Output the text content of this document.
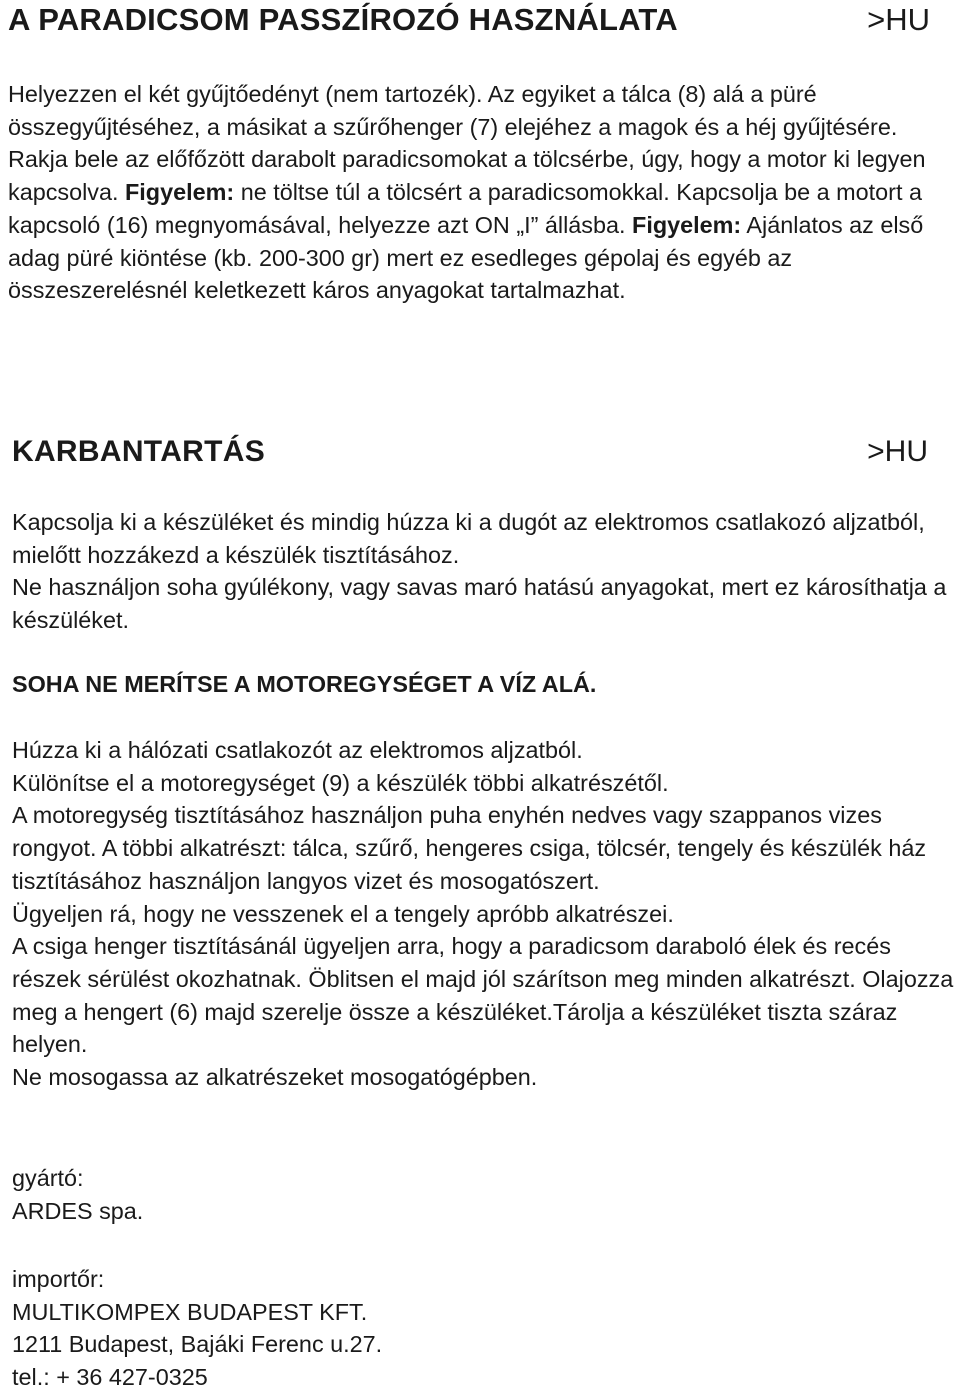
A PARADICSOM PASSZÍROZÓ HASZNÁLATA	>HU

Helyezzen el két gyűjtőedényt (nem tartozék). Az egyiket a tálca (8) alá a püré összegyűjtéséhez, a másikat a szűrőhenger (7) elejéhez a magok és a héj gyűjtésére. Rakja bele az előfőzött darabolt paradicsomokat a tölcsérbe, úgy, hogy a motor ki legyen kapcsolva. Figyelem: ne töltse túl a tölcsért a paradicsomokkal. Kapcsolja be a motort a kapcsoló (16) megnyomásával, helyezze azt ON „I” állásba. Figyelem: Ajánlatos az első adag püré kiöntése (kb. 200-300 gr) mert ez esedleges gépolaj és egyéb az összeszerelésnél keletkezett káros anyagokat tartalmazhat.

KARBANTARTÁS	>HU
Kapcsolja ki a készüléket és mindig húzza ki a dugót az elektromos csatlakozó aljzatból, mielőtt hozzákezd a készülék tisztításához.
Ne használjon soha gyúlékony, vagy savas maró hatású anyagokat, mert ez károsíthatja a készüléket.

SOHA NE MERÍTSE A MOTOREGYSÉGET A VÍZ ALÁ.

Húzza ki a hálózati csatlakozót az elektromos aljzatból.
Különítse el a motoregységet (9) a készülék többi alkatrészétől.
A motoregység tisztításához használjon puha enyhén nedves vagy szappanos vizes rongyot. A többi alkatrészt: tálca, szűrő, hengeres csiga, tölcsér, tengely és készülék ház tisztításához használjon langyos vizet és mosogatószert.
Ügyeljen rá, hogy ne vesszenek el a tengely apróbb alkatrészei.
A csiga henger tisztításánál ügyeljen arra, hogy a paradicsom daraboló élek és recés részek sérülést okozhatnak. Öblitsen el majd jól szárítson meg minden alkatrészt. Olajozza meg a hengert (6) majd szerelje össze a készüléket.Tárolja a készüléket tiszta száraz helyen.
Ne mosogassa az alkatrészeket mosogatógépben.
gyártó:
ARDES spa.
importőr:
MULTIKOMPEX BUDAPEST KFT.
1211 Budapest, Bajáki Ferenc u.27.
tel.: + 36 427-0325
